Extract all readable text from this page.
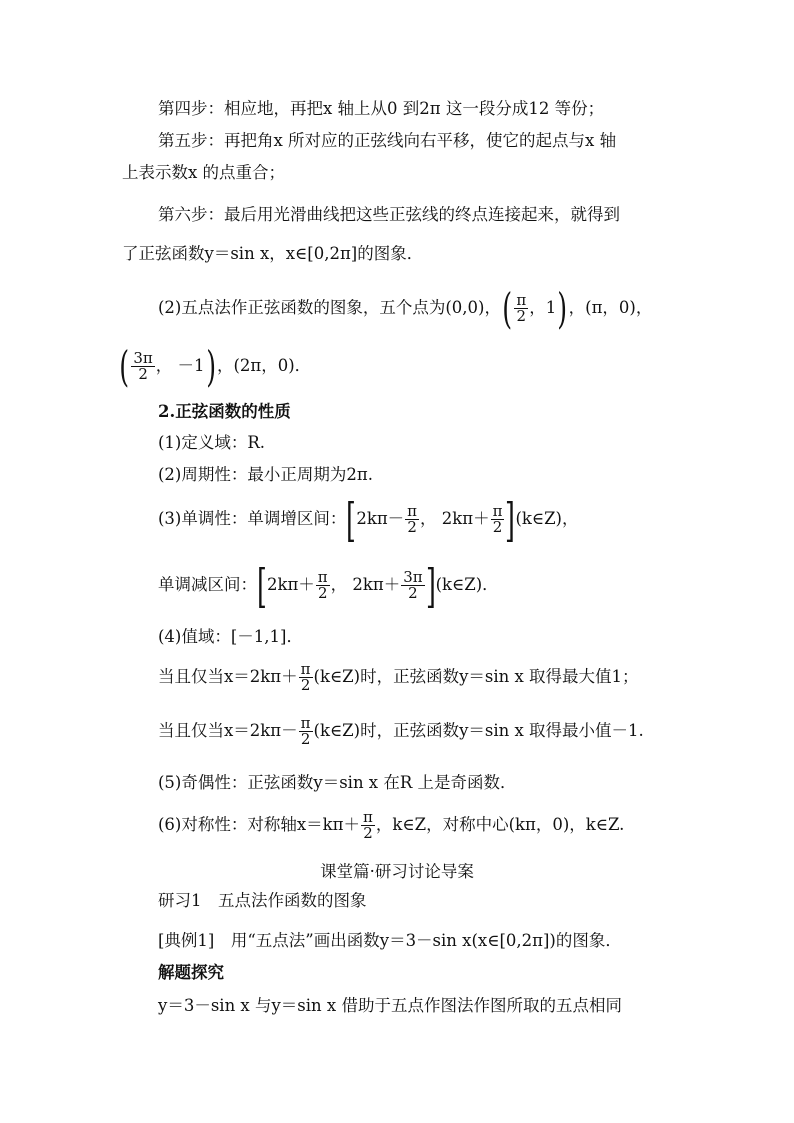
第四步：相应地，再把x 轴上从0 到2π 这一段分成12 等份；
第五步：再把角x 所对应的正弦线向右平移，使它的起点与x 轴
上表示数x 的点重合；
第六步：最后用光滑曲线把这些正弦线的终点连接起来，就得到
了正弦函数y＝sin x，x∈[0,2π]的图象．
(2)五点法作正弦函数的图象，五个点为(0,0)，( $\frac{\pi}{2}$ ，1)，(π，0)，
( $\frac{3\pi}{2}$ ， －1)，(2π，0)．
2.正弦函数的性质
(1)定义域：R.
(2)周期性：最小正周期为2π.
(3)单调性：单调增区间：[$2k\pi- \frac{\pi}{2}$ ， $2k\pi+ \frac{\pi}{2}$ ](k∈Z)，
单调减区间：[$2k\pi+ \frac{\pi}{2}$ ， $2k\pi+ \frac{3\pi}{2}$ ](k∈Z)．
(4)值域：[－1,1]．
当且仅当$x=2k\pi+ \frac{\pi}{2}$ (k∈Z)时，正弦函数y＝sin x 取得最大值1；
当且仅当$x=2k\pi- \frac{\pi}{2}$ (k∈Z)时，正弦函数y＝sin x 取得最小值－1.
(5)奇偶性：正弦函数y＝sin x 在R 上是奇函数．
(6)对称性：对称轴$x=k\pi+ \frac{\pi}{2}$ ，k∈Z，对称中心(kπ，0)，k∈Z.
课堂篇·研习讨论导案
研习1　五点法作函数的图象
[典例1]　用“五点法”画出函数y＝3－sin x(x∈[0,2π])的图象．
解题探究
y＝3－sin x 与y＝sin x 借助于五点作图法作图所取的五点相同
